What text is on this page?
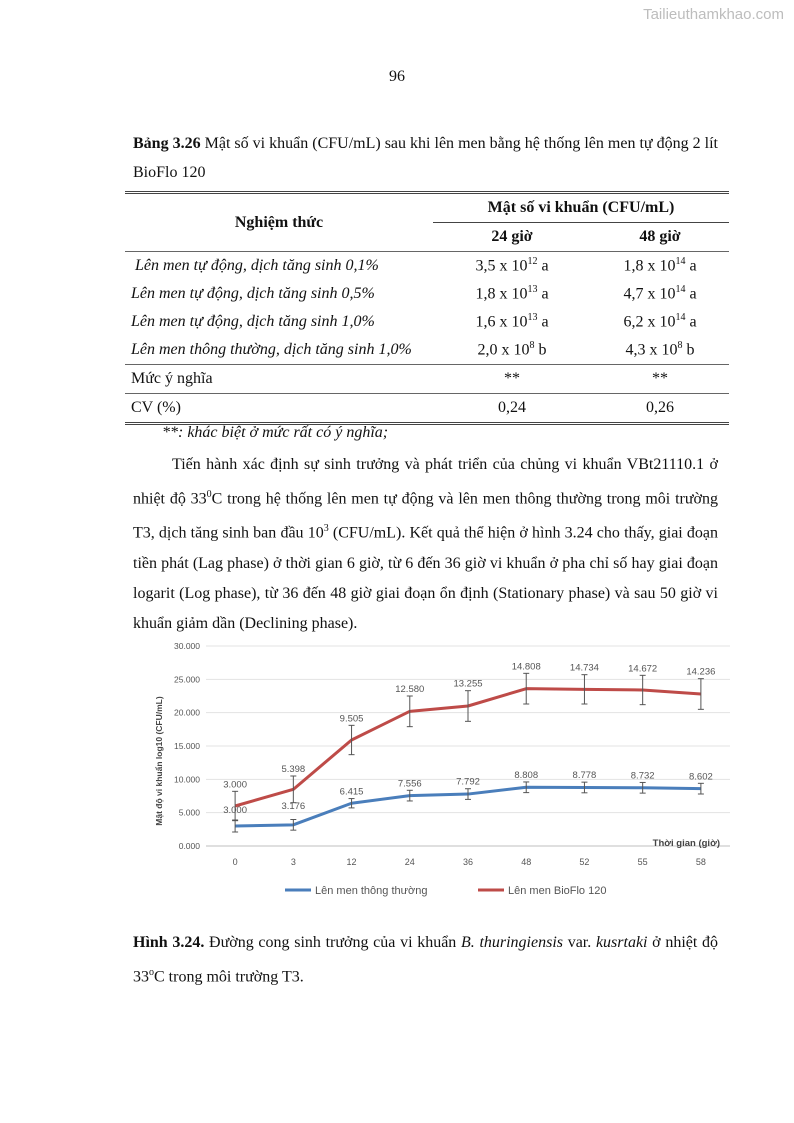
Tailieuthamkhao.com
96
Bảng 3.26 Mật số vi khuẩn (CFU/mL) sau khi lên men bằng hệ thống lên men tự động 2 lít BioFlo 120
Nghiệm thức	Mật số vi khuẩn (CFU/mL)	
	24 giờ	48 giờ
Lên men tự động, dịch tăng sinh 0,1%	3,5 x $10^{12}$ a	1,8 x $10^{14}$ a
Lên men tự động, dịch tăng sinh 0,5%	1,8 x $10^{13}$ a	4,7 x $10^{14}$ a
Lên men tự động, dịch tăng sinh 1,0%	1,6 x $10^{13}$ a	6,2 x $10^{14}$ a
Lên men thông thường, dịch tăng sinh 1,0%	2,0 x $10^8$ b	4,3 x $10^8$ b
Mức ý nghĩa	**	**
CV (%)	0,24	0,26
**: khác biệt ở mức rất có ý nghĩa;

Tiến hành xác định sự sinh trưởng và phát triển của chủng vi khuẩn VBt21110.1 ở nhiệt độ $33^0C$ trong hệ thống lên men tự động và lên men thông thường trong môi trường T3, dịch tăng sinh ban đầu $10^3$ (CFU/mL). Kết quả thể hiện ở hình 3.24 cho thấy, giai đoạn tiền phát (Lag phase) ở thời gian 6 giờ, từ 6 đến 36 giờ vi khuẩn ở pha chỉ số hay giai đoạn logarit (Log phase), từ 36 đến 48 giờ giai đoạn ổn định (Stationary phase) và sau 50 giờ vi khuẩn giảm dần (Declining phase).

0.000
5.000
10.000
15.000
20.000
25.000
30.000
0	3	12	24	36	48	52	55	58
3.000	3.176
6.415
7.556	7.792
8.808	8.778	8.732	8.602
3.000
5.398
9.505
12.580	13.255
14.808	14.734	14.672	14.236
Mật độ vi khuẩn log10 (CFU/mL)
Thời gian (giờ)
Lên men thông thường	Lên men BioFlo 120
Hình 3.24. Đường cong sinh trưởng của vi khuẩn B. thuringiensis var. kusrtaki ở nhiệt độ 33$^o$C trong môi trường T3.
